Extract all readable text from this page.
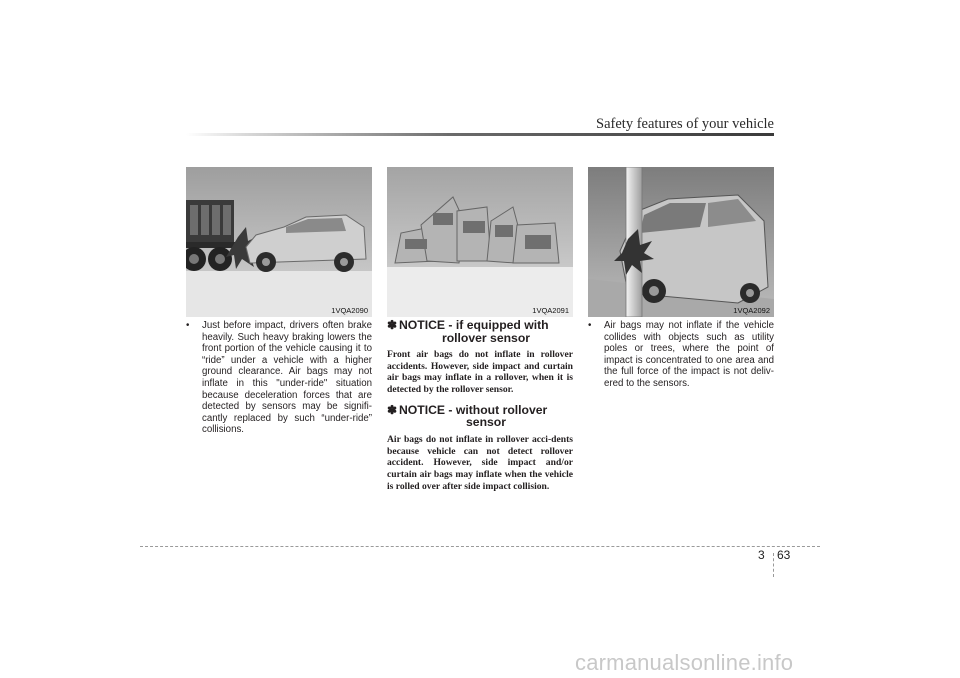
Safety features of your vehicle
1VQA2090	1VQA2091	1VQA2092
• Just before impact, drivers often brake heavily. Such heavy braking lowers the front portion of the vehicle causing it to “ride” under a vehicle with a higher ground clearance. Air bags may not inflate in this "under-ride" situation because deceleration forces that are detected by sensors may be signifi-cantly replaced by such “under-ride” collisions.
✽ NOTICE - if equipped with
rollover sensor
Front air bags do not inflate in rollover accidents. However, side impact and curtain air bags may inflate in a rollover, when it is detected by the rollover sensor.
✽ NOTICE - without rollover
sensor
Air bags do not inflate in rollover acci-dents because vehicle can not detect rollover accident. However, side impact and/or curtain air bags may inflate when the vehicle is rolled over after side impact collision.
• Air bags may not inflate if the vehicle collides with objects such as utility poles or trees, where the point of impact is concentrated to one area and the full force of the impact is not deliv-ered to the sensors.
3 63
carmanualsonline.info
